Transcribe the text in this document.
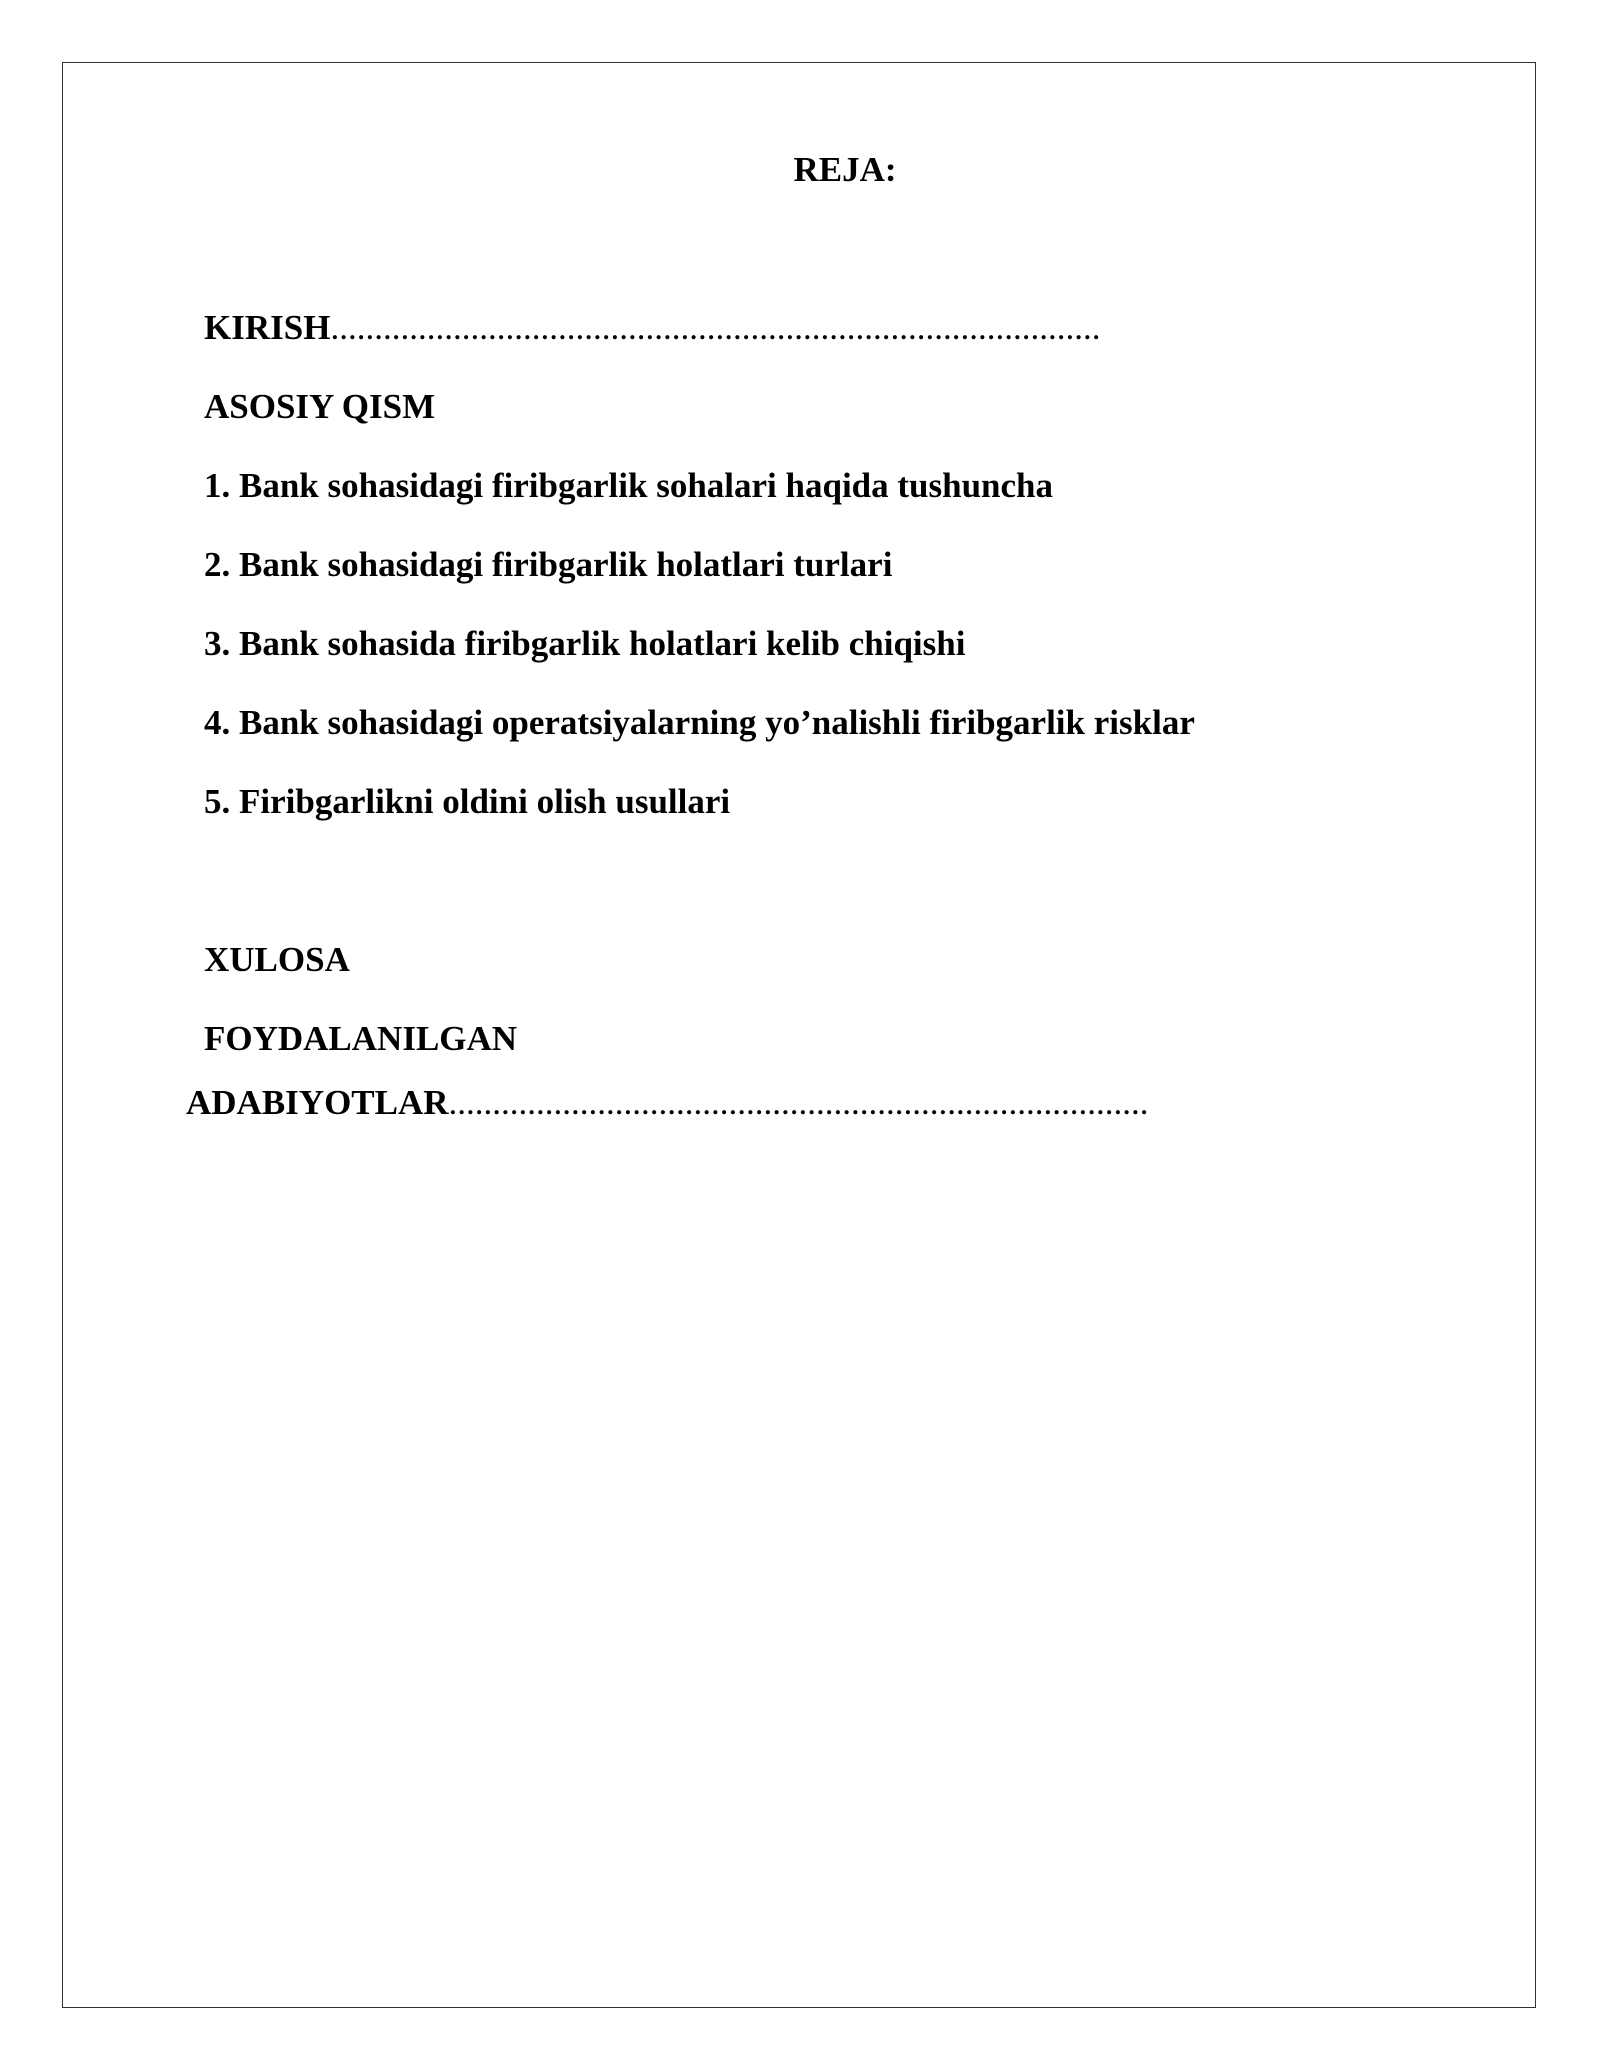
REJA:
KIRISH........................................................................................
ASOSIY QISM
1. Bank sohasidagi firibgarlik sohalari haqida tushuncha
2. Bank sohasidagi firibgarlik holatlari turlari
3. Bank sohasida firibgarlik holatlari kelib chiqishi
4. Bank sohasidagi operatsiyalarning yo’nalishli firibgarlik risklar
5. Firibgarlikni oldini olish usullari
XULOSA
FOYDALANILGAN
ADABIYOTLAR................................................................................
